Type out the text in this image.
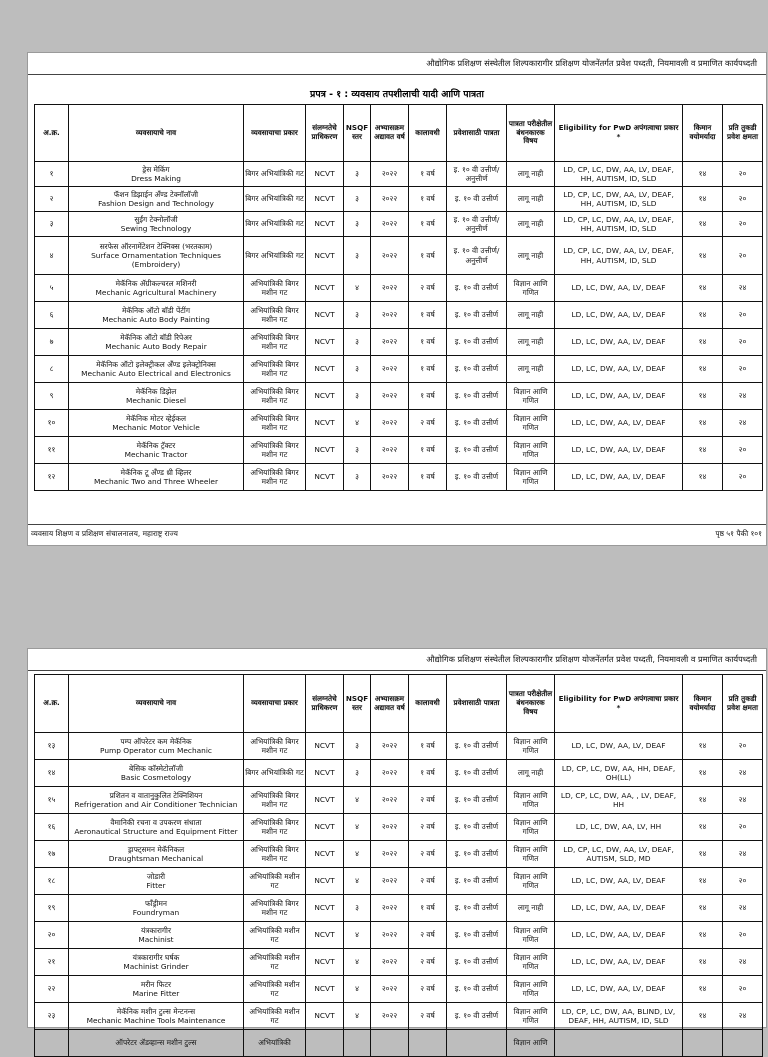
औद्योगिक प्रशिक्षण संस्थेतील शिल्पकारागीर प्रशिक्षण योजनेंतर्गत प्रवेश पध्दती, नियमावली व प्रमाणित कार्यपध्दती
प्रपत्र - १ : व्यवसाय तपशीलाची यादी आणि पात्रता
अ.क्र.	व्यवसायाचे नाव	व्यवसायाचा प्रकार	संलग्नतेचे प्राधिकरण	NSQF स्तर	अभ्यासक्रम अद्यावत वर्ष	कालावधी	प्रवेशासाठी पात्रता	पात्रता परीक्षेतील बंधनकारक विषय	Eligibility for PwD अपंगत्वाचा प्रकार *	किमान वयोमर्यादा	प्रति तुकडी प्रवेश क्षमता
१	ड्रेस मेकिंग
Dress Making	बिगर अभियांत्रिकी गट	NCVT	३	२०२२	१ वर्ष	इ. १० वी उत्तीर्ण/अनुत्तीर्ण	लागू नाही	LD, CP, LC, DW, AA, LV, DEAF, HH, AUTISM, ID, SLD	१४	२०
२	फॅशन डिझाईन अँण्ड टेक्नॉलॉजी
Fashion Design and Technology	बिगर अभियांत्रिकी गट	NCVT	३	२०२२	१ वर्ष	इ. १० वी उत्तीर्ण	लागू नाही	LD, CP, LC, DW, AA, LV, DEAF, HH, AUTISM, ID, SLD	१४	२०
३	सुईंग टेक्नोलॉजी
Sewing Technology	बिगर अभियांत्रिकी गट	NCVT	३	२०२२	१ वर्ष	इ. १० वी उत्तीर्ण/अनुत्तीर्ण	लागू नाही	LD, CP, LC, DW, AA, LV, DEAF, HH, AUTISM, ID, SLD	१४	२०
४	सरफेस ऑरनामेंटेशन टेक्निक्स (भरतकाम)
Surface Ornamentation Techniques (Embroidery)	बिगर अभियांत्रिकी गट	NCVT	३	२०२२	१ वर्ष	इ. १० वी उत्तीर्ण/अनुत्तीर्ण	लागू नाही	LD, CP, LC, DW, AA, LV, DEAF, HH, AUTISM, ID, SLD	१४	२०
५	मेकॅनिक ॲग्रीकल्चरल मशिनरी
Mechanic Agricultural Machinery	अभियांत्रिकी बिगर मशीन गट	NCVT	४	२०२२	२ वर्ष	इ. १० वी उत्तीर्ण	विज्ञान आणि गणित	LD, LC, DW, AA, LV, DEAF	१४	२४
६	मेकॅनिक ऑटो बॉडी पेंटींग
Mechanic Auto Body Painting	अभियांत्रिकी बिगर मशीन गट	NCVT	३	२०२२	१ वर्ष	इ. १० वी उत्तीर्ण	लागू नाही	LD, LC, DW, AA, LV, DEAF	१४	२०
७	मेकॅनिक ऑटो बॉडी रिपेअर
Mechanic Auto Body Repair	अभियांत्रिकी बिगर मशीन गट	NCVT	३	२०२२	१ वर्ष	इ. १० वी उत्तीर्ण	लागू नाही	LD, LC, DW, AA, LV, DEAF	१४	२०
८	मेकॅनिक ऑटो इलेक्ट्रीकल अँण्ड इलेक्ट्रोनिक्स
Mechanic Auto Electrical and Electronics	अभियांत्रिकी बिगर मशीन गट	NCVT	३	२०२२	१ वर्ष	इ. १० वी उत्तीर्ण	लागू नाही	LD, LC, DW, AA, LV, DEAF	१४	२०
९	मेकॅनिक डिझेल
Mechanic Diesel	अभियांत्रिकी बिगर मशीन गट	NCVT	३	२०२२	१ वर्ष	इ. १० वी उत्तीर्ण	विज्ञान आणि गणित	LD, LC, DW, AA, LV, DEAF	१४	२४
१०	मेकॅनिक मोटर व्हेईकल
Mechanic Motor Vehicle	अभियांत्रिकी बिगर मशीन गट	NCVT	४	२०२२	२ वर्ष	इ. १० वी उत्तीर्ण	विज्ञान आणि गणित	LD, LC, DW, AA, LV, DEAF	१४	२४
११	मेकॅनिक ट्रॅक्टर
Mechanic Tractor	अभियांत्रिकी बिगर मशीन गट	NCVT	३	२०२२	१ वर्ष	इ. १० वी उत्तीर्ण	विज्ञान आणि गणित	LD, LC, DW, AA, LV, DEAF	१४	२०
१२	मेकॅनिक टू अँण्ड थ्री व्हिलर
Mechanic Two and Three Wheeler	अभियांत्रिकी बिगर मशीन गट	NCVT	३	२०२२	१ वर्ष	इ. १० वी उत्तीर्ण	विज्ञान आणि गणित	LD, LC, DW, AA, LV, DEAF	१४	२०
व्यवसाय शिक्षण व प्रशिक्षण संचालनालय, महाराष्ट्र राज्य	पृष्ठ ५१ पैकी १०१
औद्योगिक प्रशिक्षण संस्थेतील शिल्पकारागीर प्रशिक्षण योजनेंतर्गत प्रवेश पध्दती, नियमावली व प्रमाणित कार्यपध्दती
अ.क्र.	व्यवसायाचे नाव	व्यवसायाचा प्रकार	संलग्नतेचे प्राधिकरण	NSQF स्तर	अभ्यासक्रम अद्यावत वर्ष	कालावधी	प्रवेशासाठी पात्रता	पात्रता परीक्षेतील बंधनकारक विषय	Eligibility for PwD अपंगत्वाचा प्रकार *	किमान वयोमर्यादा	प्रति तुकडी प्रवेश क्षमता
१३	पम्प ऑपरेटर कम मेकॅनिक
Pump Operator cum Mechanic	अभियांत्रिकी बिगर मशीन गट	NCVT	३	२०२२	१ वर्ष	इ. १० वी उत्तीर्ण	विज्ञान आणि गणित	LD, LC, DW, AA, LV, DEAF	१४	२०
१४	बेसिक कॉस्मेटोलॉजी
Basic Cosmetology	बिगर अभियांत्रिकी गट	NCVT	३	२०२२	१ वर्ष	इ. १० वी उत्तीर्ण	लागू नाही	LD, CP, LC, DW, AA, HH, DEAF, OH(LL)	१४	२४
१५	प्रशितन व वातानुकुलित टेक्निशियन
Refrigeration and Air Conditioner Technician	अभियांत्रिकी बिगर मशीन गट	NCVT	४	२०२२	२ वर्ष	इ. १० वी उत्तीर्ण	विज्ञान आणि गणित	LD, CP, LC, DW, AA, , LV, DEAF, HH	१४	२४
१६	वैमानिकी रचना व उपकरण संधाता
Aeronautical Structure and Equipment Fitter	अभियांत्रिकी बिगर मशीन गट	NCVT	४	२०२२	२ वर्ष	इ. १० वी उत्तीर्ण	विज्ञान आणि गणित	LD, LC, DW, AA, LV, HH	१४	२०
१७	ड्राफ्ट्समन मेकॅनिकल
Draughtsman Mechanical	अभियांत्रिकी बिगर मशीन गट	NCVT	४	२०२२	२ वर्ष	इ. १० वी उत्तीर्ण	विज्ञान आणि गणित	LD, CP, LC, DW, AA, LV, DEAF, AUTISM, SLD, MD	१४	२४
१८	जोडारी
Fitter	अभियांत्रिकी मशीन गट	NCVT	४	२०२२	२ वर्ष	इ. १० वी उत्तीर्ण	विज्ञान आणि गणित	LD, LC, DW, AA, LV, DEAF	१४	२०
१९	फाँड्रीमन
Foundryman	अभियांत्रिकी बिगर मशीन गट	NCVT	३	२०२२	१ वर्ष	इ. १० वी उत्तीर्ण	लागू नाही	LD, LC, DW, AA, LV, DEAF	१४	२४
२०	यंत्रकारागीर
Machinist	अभियांत्रिकी मशीन गट	NCVT	४	२०२२	२ वर्ष	इ. १० वी उत्तीर्ण	विज्ञान आणि गणित	LD, LC, DW, AA, LV, DEAF	१४	२०
२१	यंत्रकारागीर घर्षक
Machinist Grinder	अभियांत्रिकी मशीन गट	NCVT	४	२०२२	२ वर्ष	इ. १० वी उत्तीर्ण	विज्ञान आणि गणित	LD, LC, DW, AA, LV, DEAF	१४	२४
२२	मरीन फिटर
Marine Fitter	अभियांत्रिकी मशीन गट	NCVT	४	२०२२	२ वर्ष	इ. १० वी उत्तीर्ण	विज्ञान आणि गणित	LD, LC, DW, AA, LV, DEAF	१४	२०
२३	मेकॅनिक मशीन टुल्स मेन्टनन्स
Mechanic Machine Tools Maintenance	अभियांत्रिकी मशीन गट	NCVT	४	२०२२	२ वर्ष	इ. १० वी उत्तीर्ण	विज्ञान आणि गणित	LD, CP, LC, DW, AA, BLIND, LV, DEAF, HH, AUTISM, ID, SLD	१४	२४

	ऑपरेटर ॲडव्हान्स मशीन टुल्स	अभियांत्रिकी						विज्ञान आणि			
